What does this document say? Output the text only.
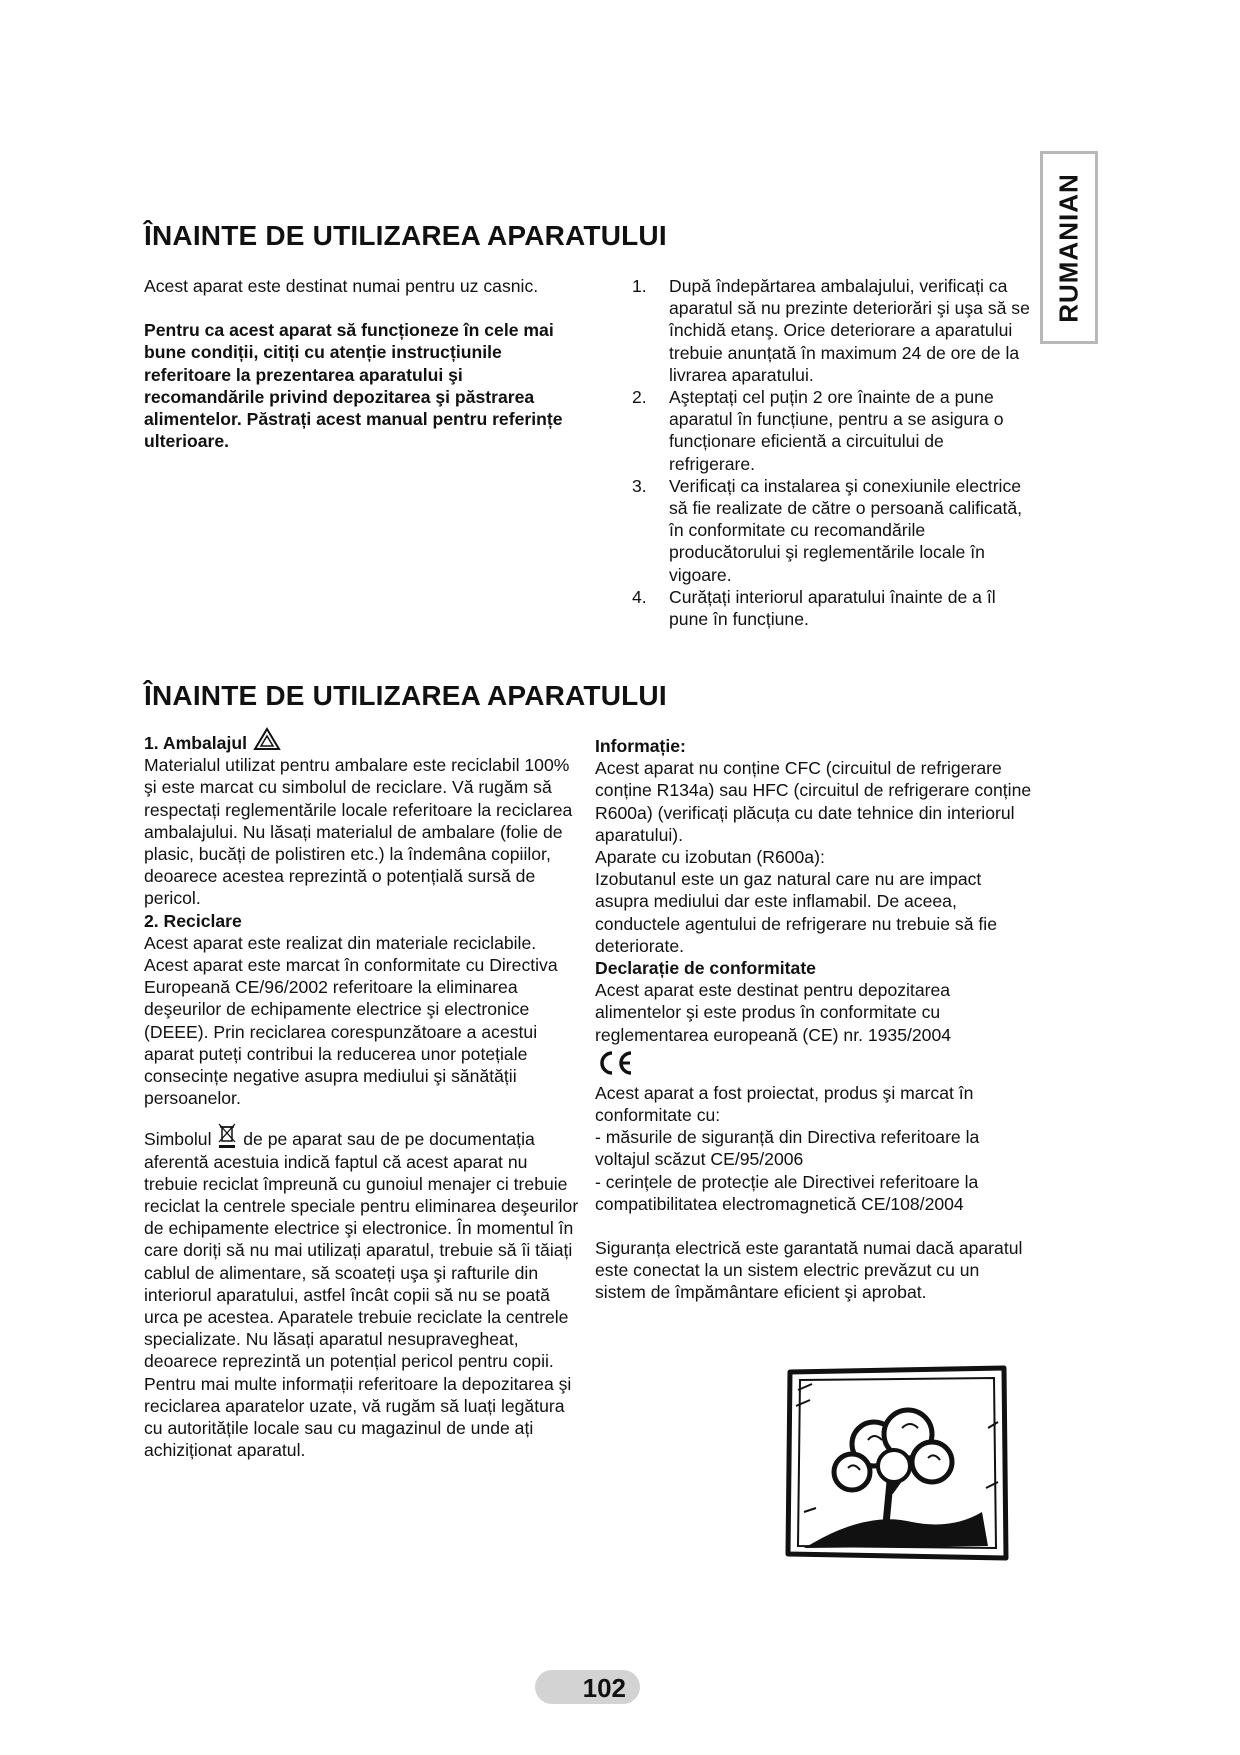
RUMANIAN
ÎNAINTE DE UTILIZAREA APARATULUI

Acest aparat este destinat numai pentru uz casnic.

Pentru ca acest aparat să funcționeze în cele mai bune condiții, citiți cu atenție instrucțiunile referitoare la prezentarea aparatului şi recomandările privind depozitarea şi păstrarea alimentelor. Păstrați acest manual pentru referințe ulterioare.

1. După îndepărtarea ambalajului, verificați ca aparatul să nu prezinte deteriorări şi uşa să se închidă etanş. Orice deteriorare a aparatului trebuie anunțată în maximum 24 de ore de la livrarea aparatului.
2. Aşteptați cel puțin 2 ore înainte de a pune aparatul în funcțiune, pentru a se asigura o funcționare eficientă a circuitului de refrigerare.
3. Verificați ca instalarea şi conexiunile electrice să fie realizate de către o persoană calificată, în conformitate cu recomandările producătorului şi reglementările locale în vigoare.
4. Curățați interiorul aparatului înainte de a îl pune în funcțiune.
ÎNAINTE DE UTILIZAREA APARATULUI

1. Ambalajul

Materialul utilizat pentru ambalare este reciclabil 100% şi este marcat cu simbolul de reciclare. Vă rugăm să respectați reglementările locale referitoare la reciclarea ambalajului. Nu lăsați materialul de ambalare (folie de plasic, bucăți de polistiren etc.) la îndemâna copiilor, deoarece acestea reprezintă o potențială sursă de pericol.

2. Reciclare

Acest aparat este realizat din materiale reciclabile.

Acest aparat este marcat în conformitate cu Directiva Europeană CE/96/2002 referitoare la eliminarea deşeurilor de echipamente electrice şi electronice (DEEE). Prin reciclarea corespunzătoare a acestui aparat puteți contribui la reducerea unor potețiale consecințe negative asupra mediului şi sănătății persoanelor.

Simbolul de pe aparat sau de pe documentația aferentă acestuia indică faptul că acest aparat nu trebuie reciclat împreună cu gunoiul menajer ci trebuie reciclat la centrele speciale pentru eliminarea deşeurilor de echipamente electrice şi electronice. În momentul în care doriți să nu mai utilizați aparatul, trebuie să îi tăiați cablul de alimentare, să scoateți uşa şi rafturile din interiorul aparatului, astfel încât copii să nu se poată urca pe acestea. Aparatele trebuie reciclate la centrele specializate. Nu lăsați aparatul nesupravegheat, deoarece reprezintă un potențial pericol pentru copii. Pentru mai multe informații referitoare la depozitarea şi reciclarea aparatelor uzate, vă rugăm să luați legătura cu autoritățile locale sau cu magazinul de unde ați achiziționat aparatul.

Informație:

Acest aparat nu conține CFC (circuitul de refrigerare conține R134a) sau HFC (circuitul de refrigerare conține R600a) (verificați plăcuța cu date tehnice din interiorul aparatului).

Aparate cu izobutan (R600a):

Izobutanul este un gaz natural care nu are impact asupra mediului dar este inflamabil. De aceea, conductele agentului de refrigerare nu trebuie să fie deteriorate.

Declarație de conformitate

Acest aparat este destinat pentru depozitarea alimentelor şi este produs în conformitate cu reglementarea europeană (CE) nr. 1935/2004

Acest aparat a fost proiectat, produs şi marcat în conformitate cu:

- măsurile de siguranță din Directiva referitoare la voltajul scăzut CE/95/2006

- cerințele de protecție ale Directivei referitoare la compatibilitatea electromagnetică CE/108/2004

Siguranța electrică este garantată numai dacă aparatul este conectat la un sistem electric prevăzut cu un sistem de împământare eficient şi aprobat.

102
